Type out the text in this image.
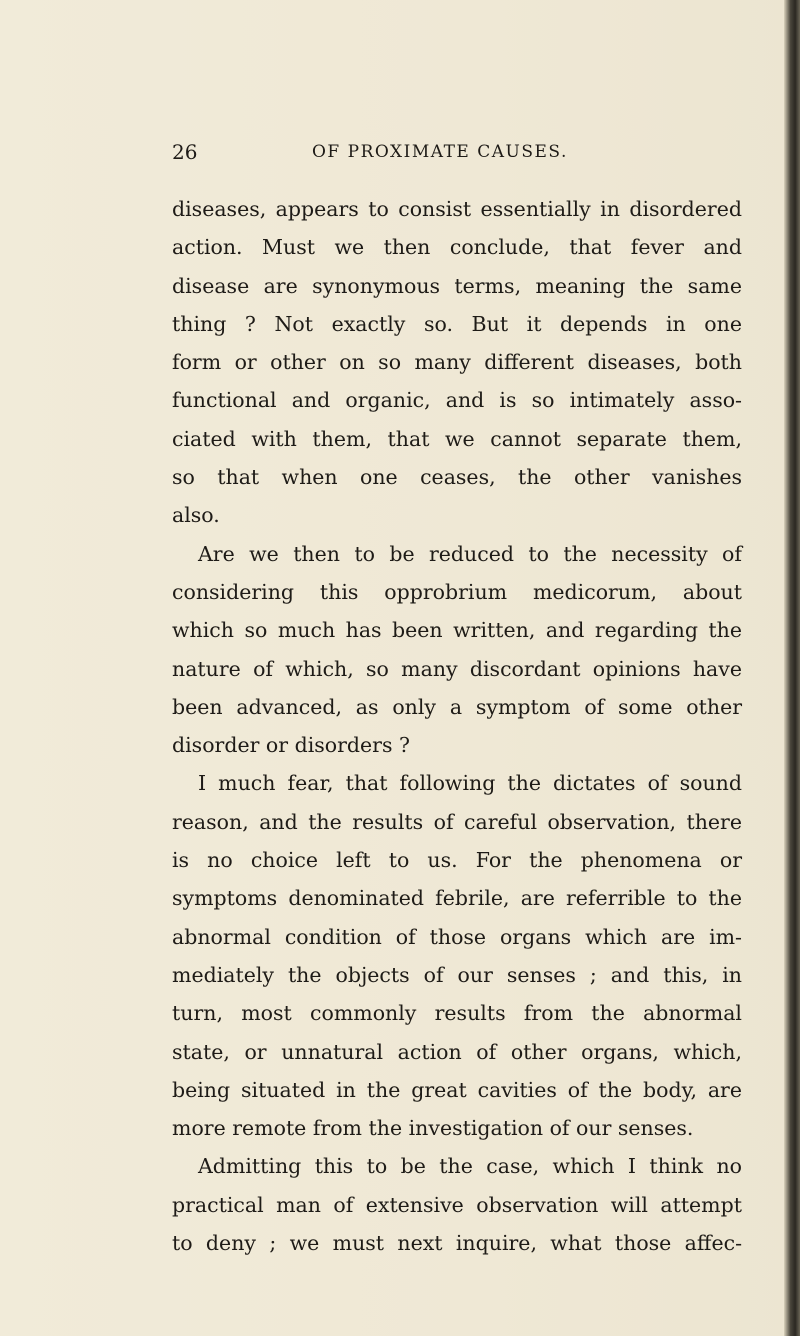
26	OF PROXIMATE CAUSES.
diseases, appears to consist essentially in disordered
action. Must we then conclude, that fever and
disease are synonymous terms, meaning the same
thing ? Not exactly so. But it depends in one
form or other on so many different diseases, both
functional and organic, and is so intimately asso-
ciated with them, that we cannot separate them,
so that when one ceases, the other vanishes
also.
Are we then to be reduced to the necessity of
considering this opprobrium medicorum, about
which so much has been written, and regarding the
nature of which, so many discordant opinions have
been advanced, as only a symptom of some other
disorder or disorders ?
I much fear, that following the dictates of sound
reason, and the results of careful observation, there
is no choice left to us. For the phenomena or
symptoms denominated febrile, are referrible to the
abnormal condition of those organs which are im-
mediately the objects of our senses ; and this, in
turn, most commonly results from the abnormal
state, or unnatural action of other organs, which,
being situated in the great cavities of the body, are
more remote from the investigation of our senses.
Admitting this to be the case, which I think no
practical man of extensive observation will attempt
to deny ; we must next inquire, what those affec-
